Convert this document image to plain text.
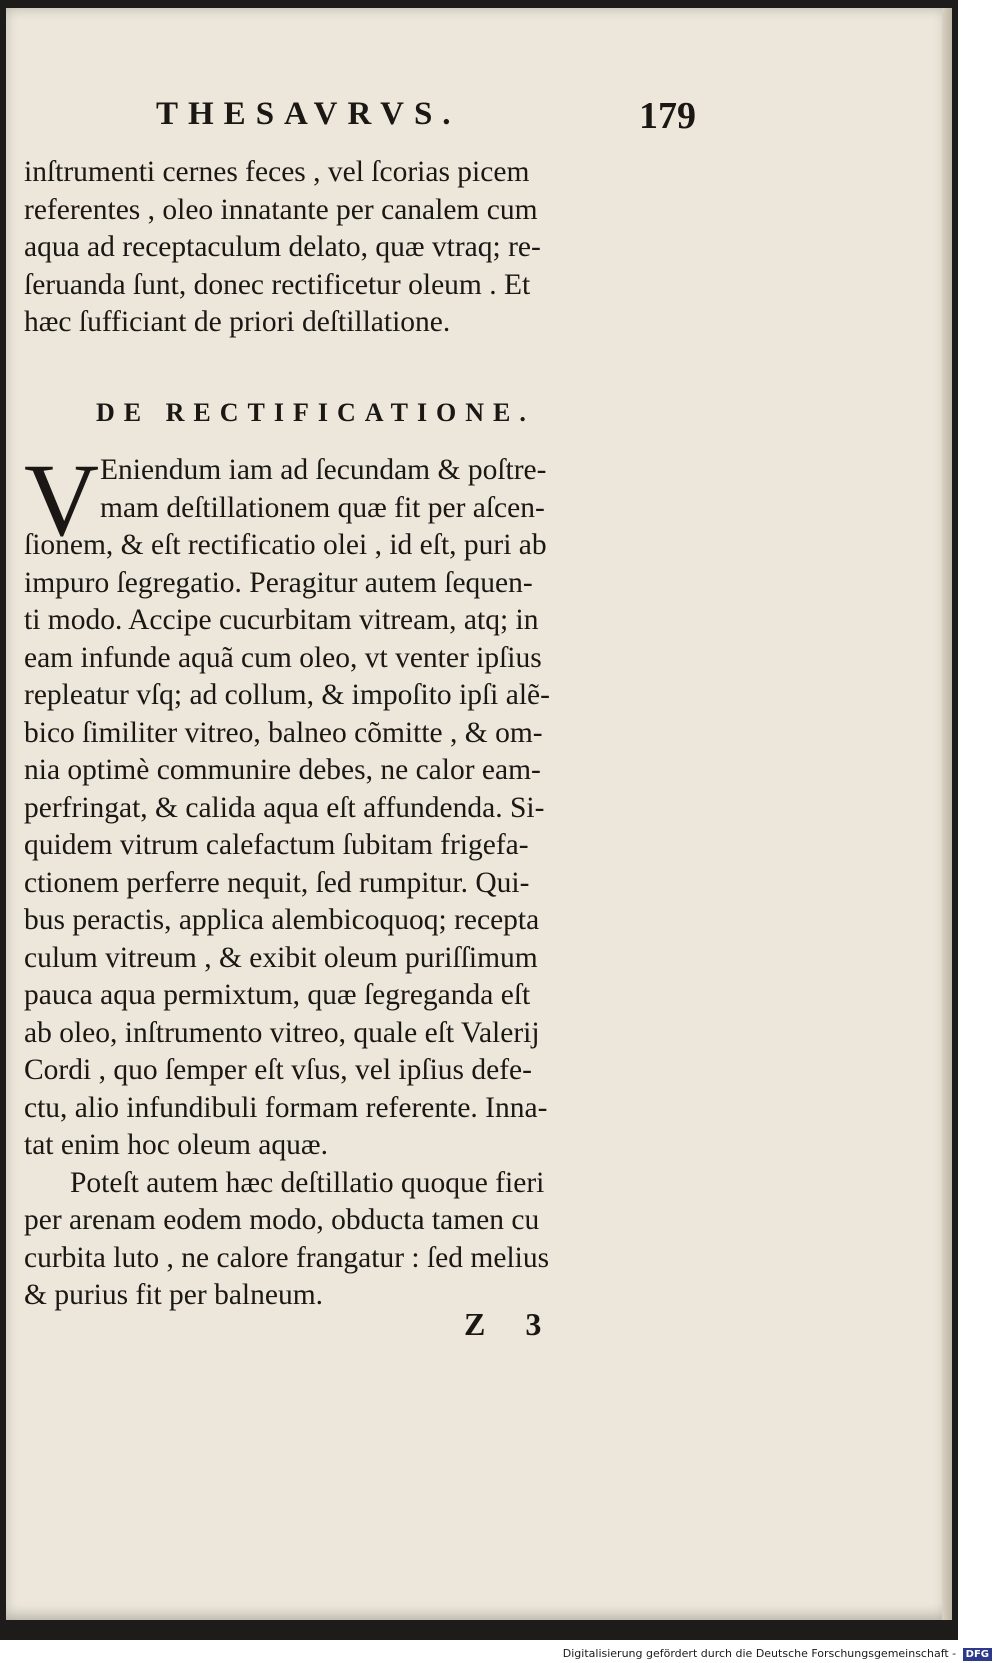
THESAVRVS.	179
inſtrumenti cernes feces , vel ſcorias picem
referentes , oleo innatante per canalem cum
aqua ad receptaculum delato, quæ vtraq; re-
ſeruanda ſunt, donec rectificetur oleum . Et
hæc ſufficiant de priori deſtillatione.
DE RECTIFICATIONE.
V Eniendum iam ad ſecundam & poſtre-
mam deſtillationem quæ fit per aſcen-
ſionem, & eſt rectificatio olei , id eſt, puri ab
impuro ſegregatio. Peragitur autem ſequen-
ti modo. Accipe cucurbitam vitream, atq; in
eam infunde aquã cum oleo, vt venter ipſius
repleatur vſq; ad collum, & impoſito ipſi alẽ-
bico ſimiliter vitreo, balneo cõmitte , & om-
nia optimè communire debes, ne calor eam-
perfringat, & calida aqua eſt affundenda. Si-
quidem vitrum calefactum ſubitam frigefa-
ctionem perferre nequit, ſed rumpitur. Qui-
bus peractis, applica alembicoquoq; recepta
culum vitreum , & exibit oleum puriſſimum
pauca aqua permixtum, quæ ſegreganda eſt
ab oleo, inſtrumento vitreo, quale eſt Valerij
Cordi , quo ſemper eſt vſus, vel ipſius defe-
ctu, alio infundibuli formam referente. Inna-
tat enim hoc oleum aquæ.
Poteſt autem hæc deſtillatio quoque fieri
per arenam eodem modo, obducta tamen cu
curbita luto , ne calore frangatur : ſed melius
& purius fit per balneum.
Z 3
Digitalisierung gefördert durch die Deutsche Forschungsgemeinschaft - DFG
